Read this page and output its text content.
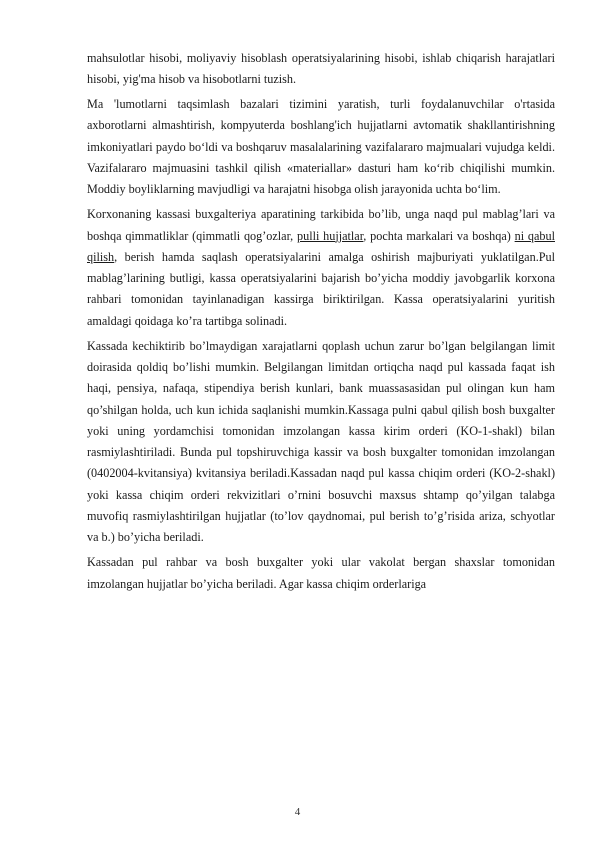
mahsulotlar hisobi, moliyaviy hisoblash operatsiyalarining hisobi, ishlab chiqarish harajatlari hisobi, yig'ma hisob va hisobotlarni tuzish.

Ma 'lumotlarni taqsimlash bazalari tizimini yaratish, turli foydalanuvchilar o'rtasida axborotlarni almashtirish, kompyuterda boshlang'ich hujjatlarni avtomatik shakllantirishning imkoniyatlari paydo bo‘ldi va boshqaruv masalalarining vazifalararo majmualari vujudga keldi. Vazifalararo majmuasini tashkil qilish «materiallar» dasturi ham ko‘rib chiqilishi mumkin. Moddiy boyliklarning mavjudligi va harajatni hisobga olish jarayonida uchta bo‘lim.

Korxonaning kassasi buxgalteriya aparatining tarkibida bo’lib, unga naqd pul mablag’lari va boshqa qimmatliklar (qimmatli qog’ozlar, pulli hujjatlar, pochta markalari va boshqa) ni qabul qilish, berish hamda saqlash operatsiyalarini amalga oshirish majburiyati yuklatilgan.Pul mablag’larining butligi, kassa operatsiyalarini bajarish bo’yicha moddiy javobgarlik korxona rahbari tomonidan tayinlanadigan kassirga biriktirilgan. Kassa operatsiyalarini yuritish amaldagi qoidaga ko’ra tartibga solinadi.

Kassada kechiktirib bo’lmaydigan xarajatlarni qoplash uchun zarur bo’lgan belgilangan limit doirasida qoldiq bo’lishi mumkin. Belgilangan limitdan ortiqcha naqd pul kassada faqat ish haqi, pensiya, nafaqa, stipendiya berish kunlari, bank muassasasidan pul olingan kun ham qo’shilgan holda, uch kun ichida saqlanishi mumkin.Kassaga pulni qabul qilish bosh buxgalter yoki uning yordamchisi tomonidan imzolangan kassa kirim orderi (KO-1-shakl) bilan rasmiylashtiriladi. Bunda pul topshiruvchiga kassir va bosh buxgalter tomonidan imzolangan (0402004-kvitansiya) kvitansiya beriladi.Kassadan naqd pul kassa chiqim orderi (KO-2-shakl) yoki kassa chiqim orderi rekvizitlari o’rnini bosuvchi maxsus shtamp qo’yilgan talabga muvofiq rasmiylashtirilgan hujjatlar (to’lov qaydnomai, pul berish to’g’risida ariza, schyotlar va b.) bo’yicha beriladi.

Kassadan pul rahbar va bosh buxgalter yoki ular vakolat bergan shaxslar tomonidan imzolangan hujjatlar bo’yicha beriladi. Agar kassa chiqim orderlariga

4
